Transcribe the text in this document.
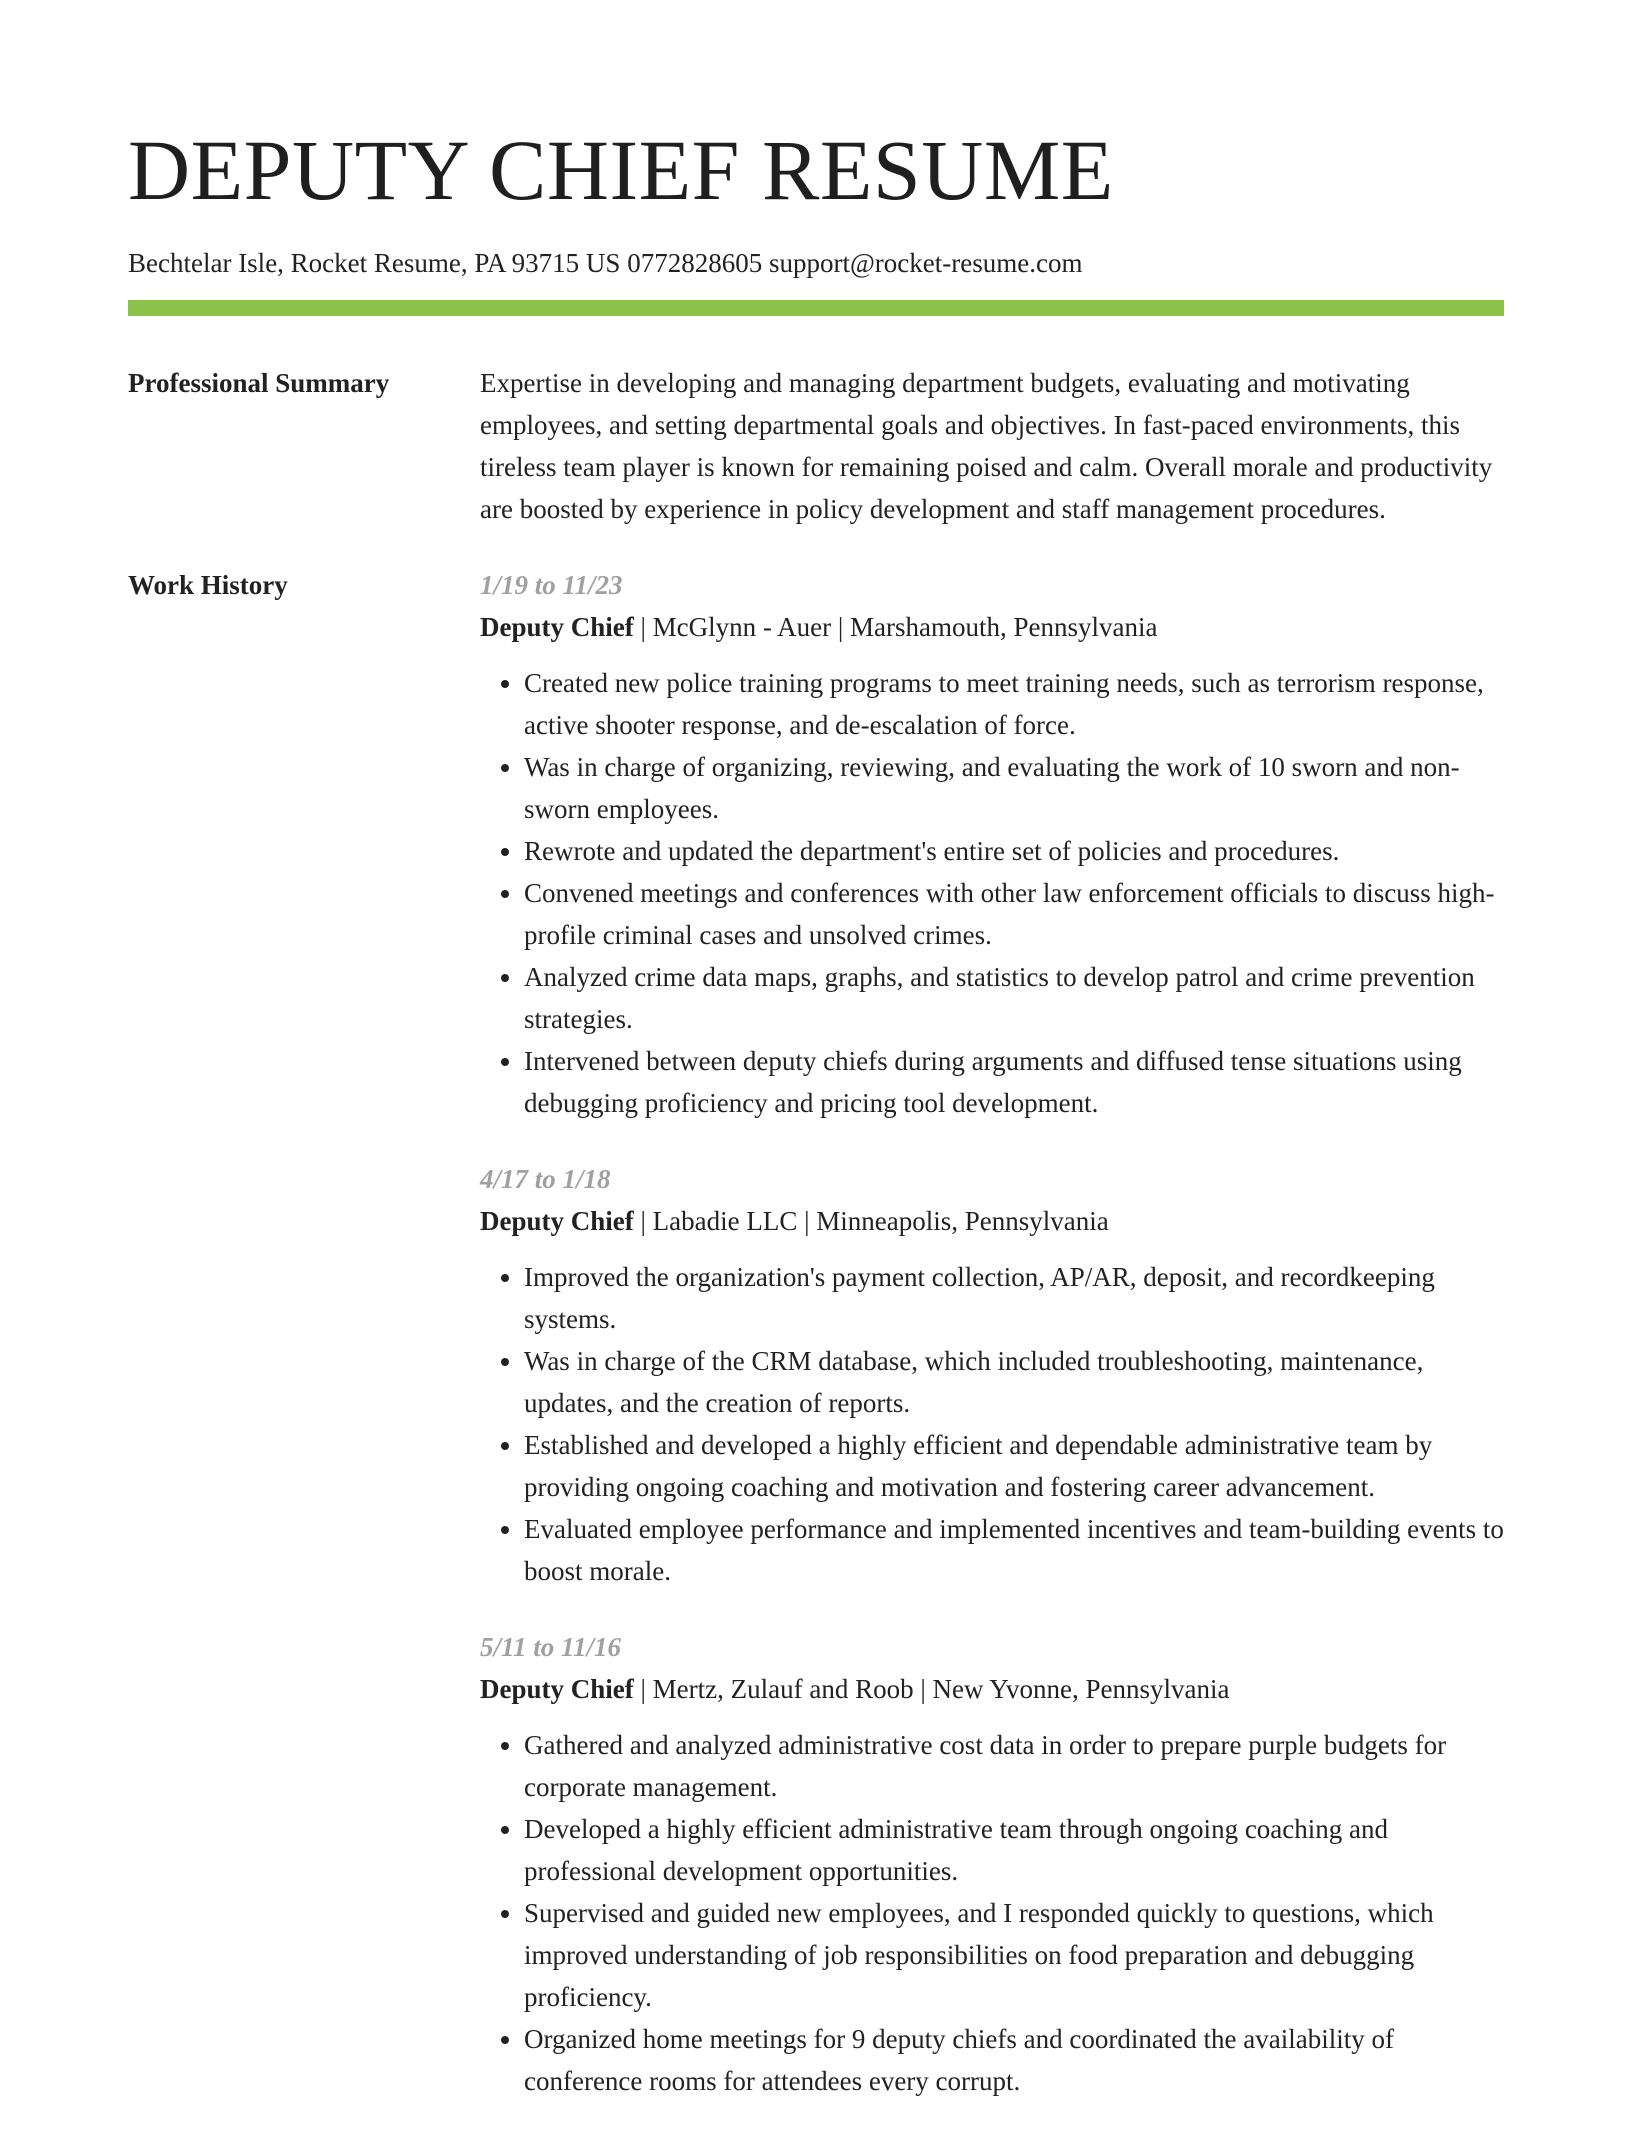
DEPUTY CHIEF RESUME
Bechtelar Isle, Rocket Resume, PA 93715 US 0772828605 support@rocket-resume.com
Professional Summary	Expertise in developing and managing department budgets, evaluating and motivating employees, and setting departmental goals and objectives. In fast-paced environments, this tireless team player is known for remaining poised and calm. Overall morale and productivity are boosted by experience in policy development and staff management procedures.

Work History	1/19 to 11/23
Deputy Chief | McGlynn - Auer | Marshamouth, Pennsylvania
• Created new police training programs to meet training needs, such as terrorism response, active shooter response, and de-escalation of force.
• Was in charge of organizing, reviewing, and evaluating the work of 10 sworn and non-sworn employees.
• Rewrote and updated the department's entire set of policies and procedures.
• Convened meetings and conferences with other law enforcement officials to discuss high-profile criminal cases and unsolved crimes.
• Analyzed crime data maps, graphs, and statistics to develop patrol and crime prevention strategies.
• Intervened between deputy chiefs during arguments and diffused tense situations using debugging proficiency and pricing tool development.
4/17 to 1/18
Deputy Chief | Labadie LLC | Minneapolis, Pennsylvania
• Improved the organization's payment collection, AP/AR, deposit, and recordkeeping systems.
• Was in charge of the CRM database, which included troubleshooting, maintenance, updates, and the creation of reports.
• Established and developed a highly efficient and dependable administrative team by providing ongoing coaching and motivation and fostering career advancement.
• Evaluated employee performance and implemented incentives and team-building events to boost morale.
5/11 to 11/16
Deputy Chief | Mertz, Zulauf and Roob | New Yvonne, Pennsylvania
• Gathered and analyzed administrative cost data in order to prepare purple budgets for corporate management.
• Developed a highly efficient administrative team through ongoing coaching and professional development opportunities.
• Supervised and guided new employees, and I responded quickly to questions, which improved understanding of job responsibilities on food preparation and debugging proficiency.
• Organized home meetings for 9 deputy chiefs and coordinated the availability of conference rooms for attendees every corrupt.
